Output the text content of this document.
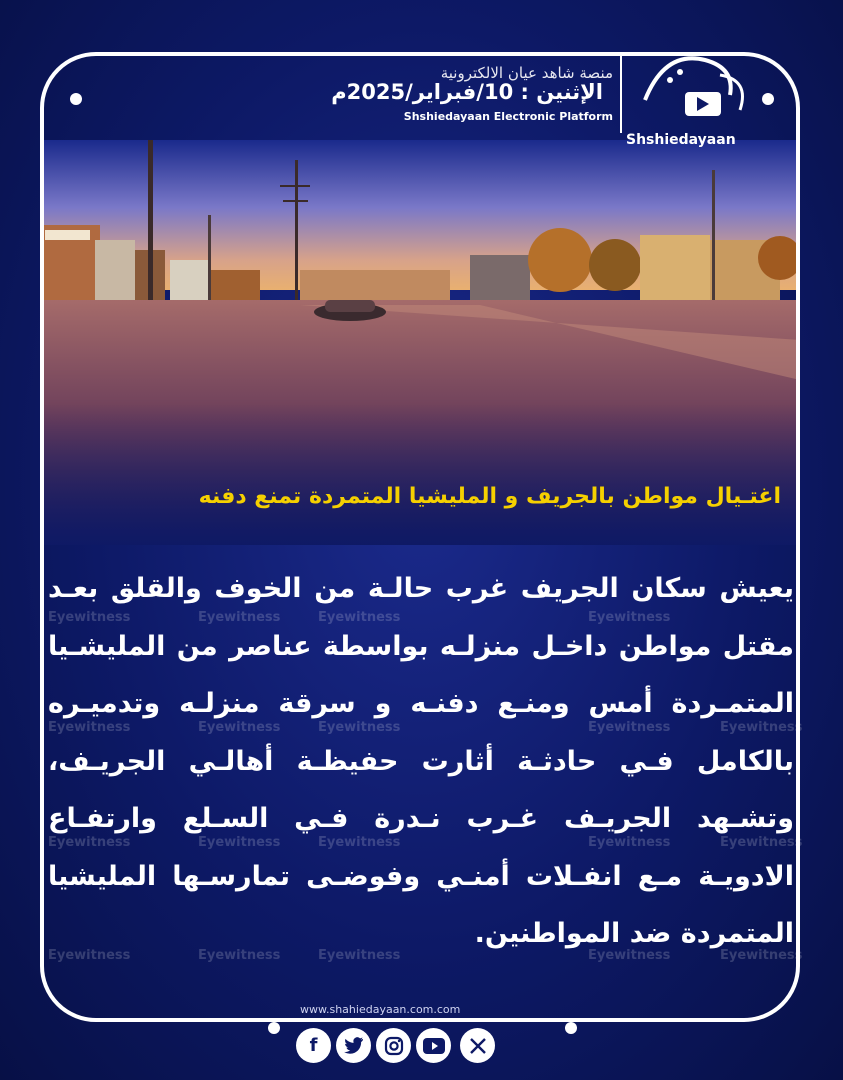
Eyewitness	Eyewitness	Eyewitness	Eyewitness
Eyewitness	Eyewitness	Eyewitness	Eyewitness	Eyewitness
Eyewitness	Eyewitness	Eyewitness	Eyewitness	Eyewitness
Eyewitness	Eyewitness	Eyewitness	Eyewitness	Eyewitness
منصة شاهد عيان الالكترونية
الإثنين : 10/فبراير/2025م
Shshiedayaan Electronic Platform
Shshiedayaan
اغتـيال مواطن بالجريف و المليشيا المتمردة تمنع دفنه
يعيش سكان الجريف غرب حالـة من الخوف والقلق بعـد مقتل مواطن داخـل منزلـه بواسطة عناصر من المليشـيا المتمـردة أمس ومنـع دفنـه و سرقة منزلـه وتدميـره بالكامل فـي حادثـة أثارت حفيظـة أهالـي الجريـف، وتشـهد الجريـف غـرب نـدرة فـي السـلع وارتفـاع الادويـة مـع انفـلات أمنـي وفوضـى تمارسـها المليشيا المتمردة ضد المواطنين.
www.shahiedayaan.com.com
f
